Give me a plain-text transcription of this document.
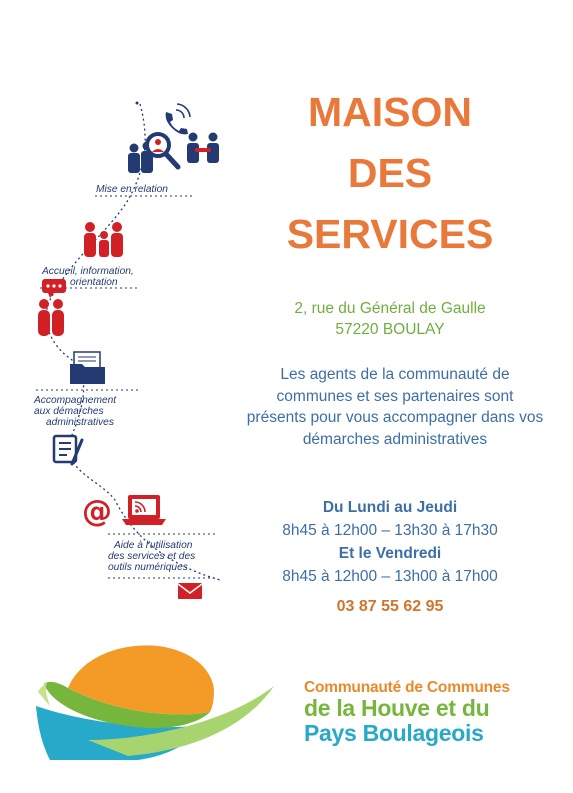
@
Mise en relation
Accueil, information,
orientation
Accompagnement
aux démarches
administratives
Aide à l'utilisation
des services et des
outils numériques
MAISON
DES
SERVICES
2, rue du Général de Gaulle
57220 BOULAY
Les agents de la communauté de
communes et ses partenaires sont
présents pour vous accompagner dans vos
démarches administratives
Du Lundi au Jeudi
8h45 à 12h00 – 13h30 à 17h30
Et le Vendredi
8h45 à 12h00 – 13h00 à 17h00
03 87 55 62 95
Communauté de Communes
de la Houve et du
Pays Boulageois
